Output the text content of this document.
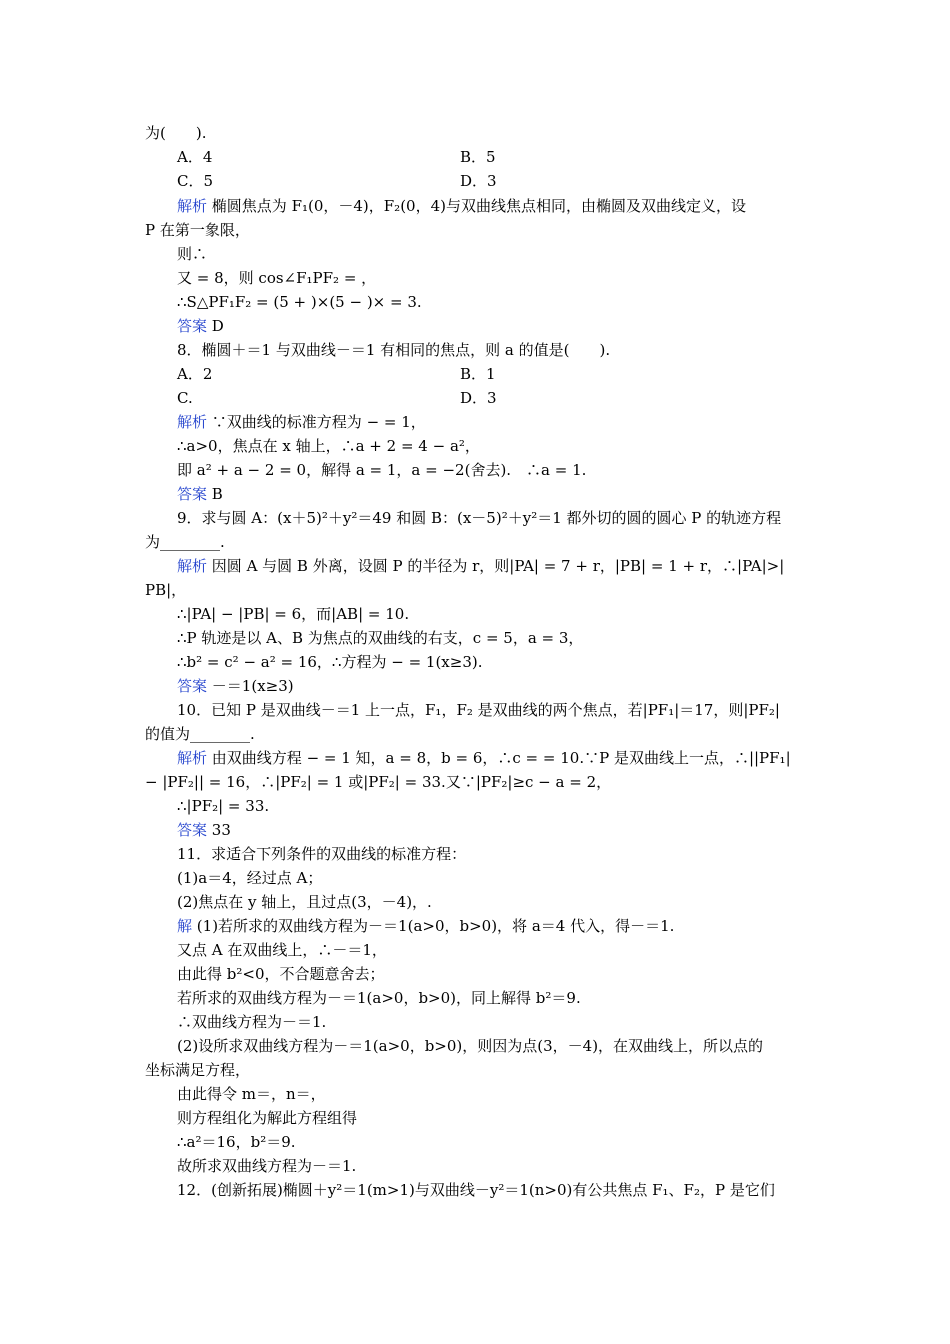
为(　　).
A．4	B．5
C．5	D．3
解析 椭圆焦点为 F₁(0，－4)，F₂(0，4)与双曲线焦点相同，由椭圆及双曲线定义，设
P 在第一象限，
则∴
又 = 8，则 cos∠F₁PF₂ = ，
∴S△PF₁F₂ = (5 + )×(5 − )× = 3.
答案 D
8．椭圆＋＝1 与双曲线－＝1 有相同的焦点，则 a 的值是(　　).
A．2	B．1
C.	D．3
解析 ∵双曲线的标准方程为 − = 1，
∴a>0，焦点在 x 轴上，∴a + 2 = 4 − a²，
即 a² + a − 2 = 0，解得 a = 1，a = −2(舍去).　∴a = 1.
答案 B
9．求与圆 A：(x＋5)²＋y²＝49 和圆 B：(x－5)²＋y²＝1 都外切的圆的圆心 P 的轨迹方程
为________.
解析 因圆 A 与圆 B 外离，设圆 P 的半径为 r，则|PA| = 7 + r，|PB| = 1 + r，∴|PA|>|
PB|，
∴|PA| − |PB| = 6，而|AB| = 10.
∴P 轨迹是以 A、B 为焦点的双曲线的右支，c = 5，a = 3，
∴b² = c² − a² = 16，∴方程为 − = 1(x≥3).
答案 －＝1(x≥3)
10．已知 P 是双曲线－＝1 上一点，F₁，F₂ 是双曲线的两个焦点，若|PF₁|＝17，则|PF₂|
的值为________.
解析 由双曲线方程 − = 1 知，a = 8，b = 6，∴c = = 10.∵P 是双曲线上一点，∴||PF₁|
− |PF₂|| = 16，∴|PF₂| = 1 或|PF₂| = 33.又∵|PF₂|≥c − a = 2，
∴|PF₂| = 33.
答案 33
11．求适合下列条件的双曲线的标准方程：
(1)a＝4，经过点 A；
(2)焦点在 y 轴上，且过点(3，－4)，.
解 (1)若所求的双曲线方程为－＝1(a>0，b>0)，将 a＝4 代入，得－＝1.
又点 A 在双曲线上，∴－＝1，
由此得 b²<0，不合题意舍去；
若所求的双曲线方程为－＝1(a>0，b>0)，同上解得 b²＝9.
∴双曲线方程为－＝1.
(2)设所求双曲线方程为－＝1(a>0，b>0)，则因为点(3，－4)，在双曲线上，所以点的
坐标满足方程，
由此得令 m＝，n＝，
则方程组化为解此方程组得
∴a²＝16，b²＝9.
故所求双曲线方程为－＝1.
12．(创新拓展)椭圆＋y²＝1(m>1)与双曲线－y²＝1(n>0)有公共焦点 F₁、F₂，P 是它们
